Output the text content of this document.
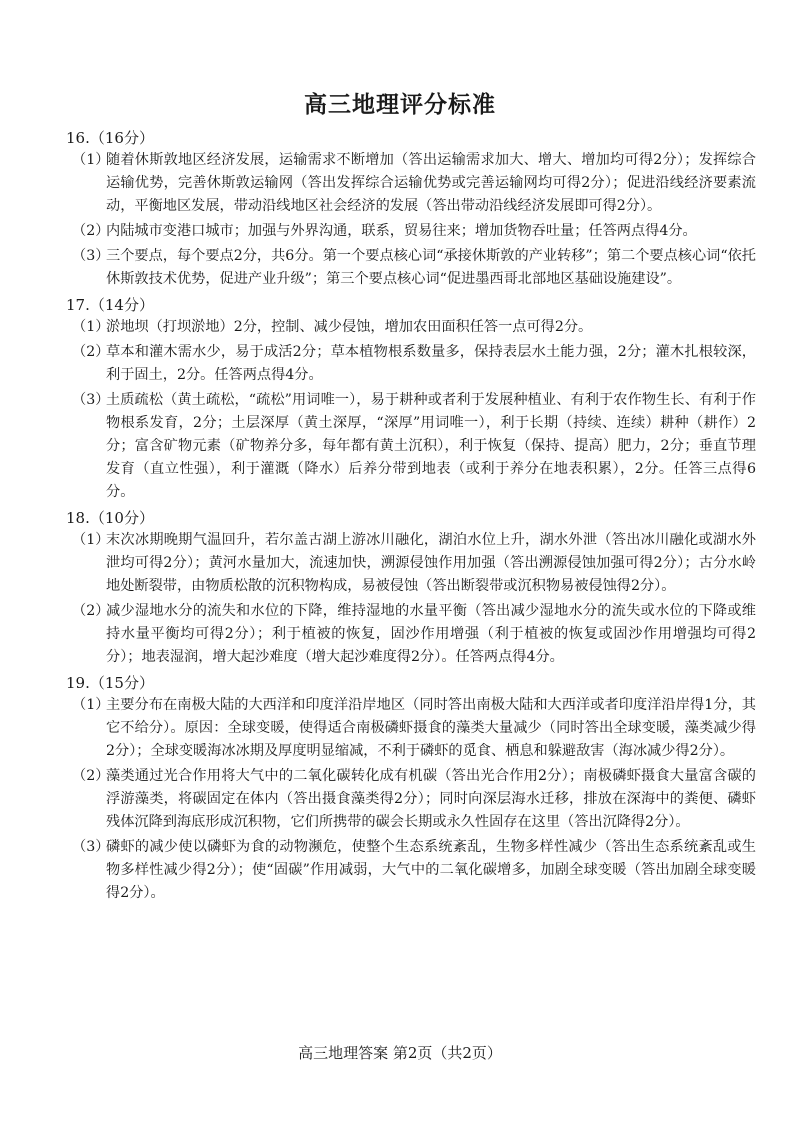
高三地理评分标准
16.（16分）
（1）
随着休斯敦地区经济发展，运输需求不断增加（答出运输需求加大、增大、增加均可得2分）；发挥综合运输优势，完善休斯敦运输网（答出发挥综合运输优势或完善运输网均可得2分）；促进沿线经济要素流动，平衡地区发展，带动沿线地区社会经济的发展（答出带动沿线经济发展即可得2分）。
（2）
内陆城市变港口城市；加强与外界沟通，联系，贸易往来；增加货物吞吐量；任答两点得4分。
（3）
三个要点，每个要点2分，共6分。第一个要点核心词“承接休斯敦的产业转移”；第二个要点核心词“依托休斯敦技术优势，促进产业升级”；第三个要点核心词“促进墨西哥北部地区基础设施建设”。
17.（14分）
（1）
淤地坝（打坝淤地）2分，控制、减少侵蚀，增加农田面积任答一点可得2分。
（2）
草本和灌木需水少，易于成活2分；草本植物根系数量多，保持表层水土能力强，2分；灌木扎根较深，利于固土，2分。任答两点得4分。
（3）
土质疏松（黄土疏松，“疏松”用词唯一），易于耕种或者利于发展种植业、有利于农作物生长、有利于作物根系发育，2分；土层深厚（黄土深厚，“深厚”用词唯一），利于长期（持续、连续）耕种（耕作）2分；富含矿物元素（矿物养分多，每年都有黄土沉积），利于恢复（保持、提高）肥力，2分；垂直节理发育（直立性强），利于灌溉（降水）后养分带到地表（或利于养分在地表积累），2分。任答三点得6分。
18.（10分）
（1）
末次冰期晚期气温回升，若尔盖古湖上游冰川融化，湖泊水位上升，湖水外泄（答出冰川融化或湖水外泄均可得2分）；黄河水量加大，流速加快，溯源侵蚀作用加强（答出溯源侵蚀加强可得2分）；古分水岭地处断裂带，由物质松散的沉积物构成，易被侵蚀（答出断裂带或沉积物易被侵蚀得2分）。
（2）
减少湿地水分的流失和水位的下降，维持湿地的水量平衡（答出减少湿地水分的流失或水位的下降或维持水量平衡均可得2分）；利于植被的恢复，固沙作用增强（利于植被的恢复或固沙作用增强均可得2分）；地表湿润，增大起沙难度（增大起沙难度得2分）。任答两点得4分。
19.（15分）
（1）
主要分布在南极大陆的大西洋和印度洋沿岸地区（同时答出南极大陆和大西洋或者印度洋沿岸得1分，其它不给分）。原因：全球变暖，使得适合南极磷虾摄食的藻类大量减少（同时答出全球变暖，藻类减少得2分）；全球变暖海冰冰期及厚度明显缩减，不利于磷虾的觅食、栖息和躲避敌害（海冰减少得2分）。
（2）
藻类通过光合作用将大气中的二氧化碳转化成有机碳（答出光合作用2分）；南极磷虾摄食大量富含碳的浮游藻类，将碳固定在体内（答出摄食藻类得2分）；同时向深层海水迁移，排放在深海中的粪便、磷虾残体沉降到海底形成沉积物，它们所携带的碳会长期或永久性固存在这里（答出沉降得2分）。
（3）
磷虾的减少使以磷虾为食的动物濒危，使整个生态系统紊乱，生物多样性减少（答出生态系统紊乱或生物多样性减少得2分）；使“固碳”作用减弱，大气中的二氧化碳增多，加剧全球变暖（答出加剧全球变暖得2分）。
高三地理答案 第2页（共2页）
